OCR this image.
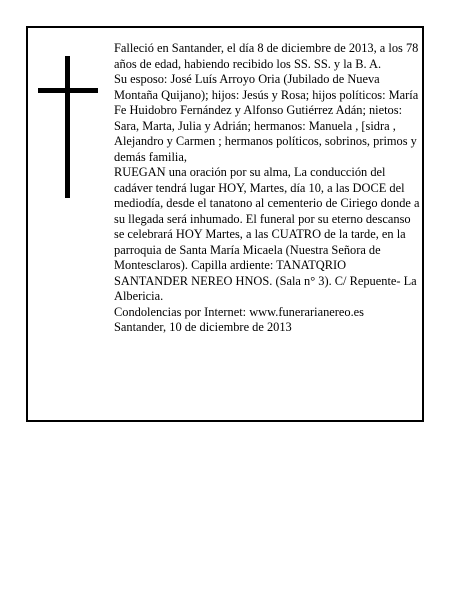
Falleció en Santander, el día 8 de diciembre de 2013, a los 78 años de edad, habiendo recibido los SS. SS. y la B. A.

Su esposo: José Luís Arroyo Oria (Jubilado de Nueva Montaña Quijano); hijos: Jesús y Rosa; hijos políticos: María Fe Huidobro Fernández y Alfonso Gutiérrez Adán; nietos: Sara, Marta, Julia y Adrián; hermanos: Manuela , [sidra , Alejandro y Carmen ; hermanos políticos, sobrinos, primos y demás familia,

RUEGAN una oración por su alma, La conducción del cadáver tendrá lugar HOY, Martes, día 10, a las DOCE del mediodía, desde el tanatono al cementerio de Ciriego donde a su llegada será inhumado. El funeral por su eterno descanso se celebrará HOY Martes, a las CUATRO de la tarde, en la parroquia de Santa María Micaela (Nuestra Señora de Montesclaros). Capilla ardiente: TANATQRIO SANTANDER NEREO HNOS. (Sala n° 3). C/ Repuente- La Albericia.

Condolencias por Internet: www.funerarianereo.es

Santander, 10 de diciembre de 2013
